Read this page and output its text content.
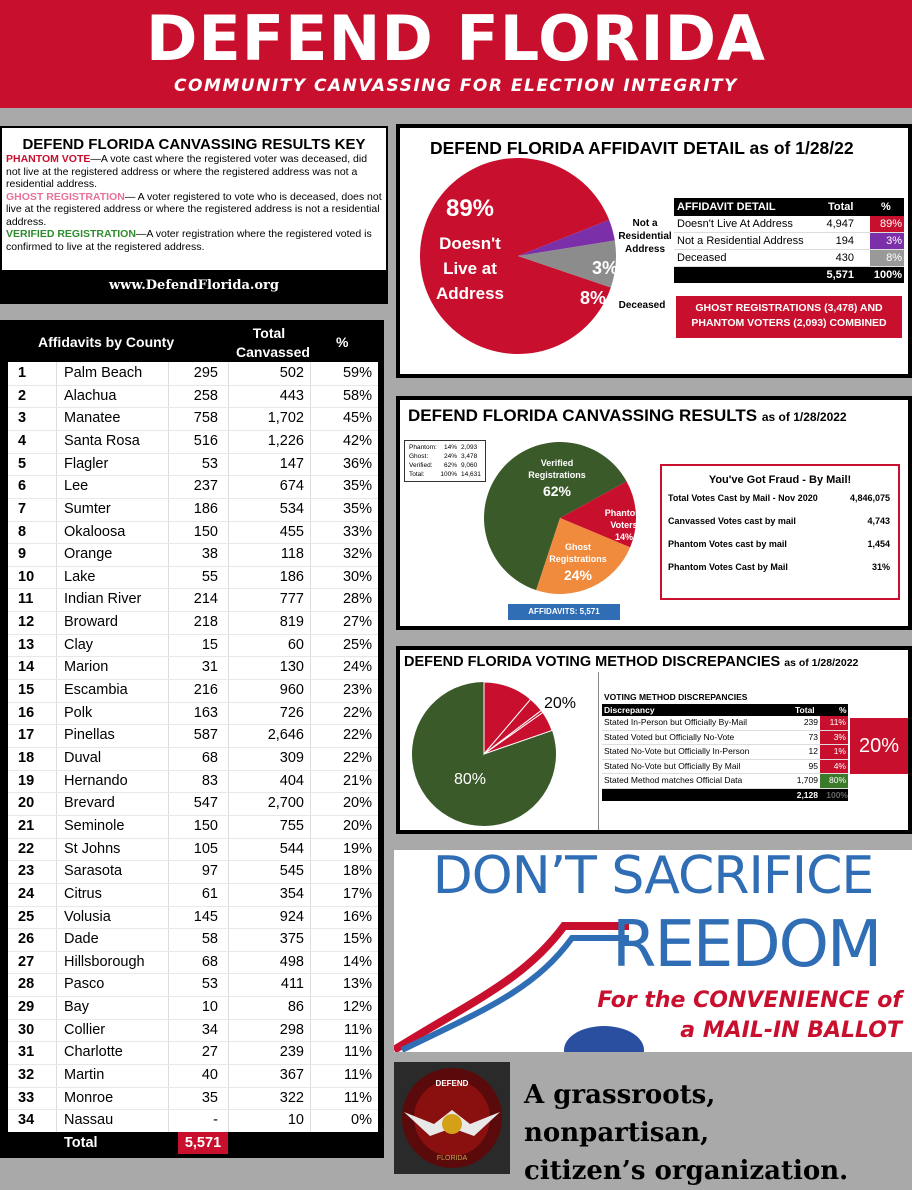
DEFEND FLORIDA
COMMUNITY CANVASSING FOR ELECTION INTEGRITY
DEFEND FLORIDA CANVASSING RESULTS KEY

PHANTOM VOTE—A vote cast where the registered voter was deceased, did not live at the registered address or where the registered address was not a residential address.

GHOST REGISTRATION— A voter registered to vote who is deceased, does not live at the registered address or where the registered address is not a residential address.

VERIFIED REGISTRATION—A voter registration where the registered voted is confirmed to live at the registered address.

www.DefendFlorida.org
Affidavits by County
Total
Canvassed
%
Total	5,571
1	Palm Beach	295	502	59%
2	Alachua	258	443	58%
3	Manatee	758	1,702	45%
4	Santa Rosa	516	1,226	42%
5	Flagler	53	147	36%
6	Lee	237	674	35%
7	Sumter	186	534	35%
8	Okaloosa	150	455	33%
9	Orange	38	118	32%
10 Lake	55	186	30%
11 Indian River	214	777	28%
12 Broward	218	819	27%
13 Clay	15	60	25%
14 Marion	31	130	24%
15 Escambia	216	960	23%
16 Polk	163	726	22%
17 Pinellas	587	2,646	22%
18 Duval	68	309	22%
19 Hernando	83	404	21%
20 Brevard	547	2,700	20%
21 Seminole	150	755	20%
22 St Johns	105	544	19%
23 Sarasota	97	545	18%
24 Citrus	61	354	17%
25 Volusia	145	924	16%
26 Dade	58	375	15%
27 Hillsborough	68	498	14%
28 Pasco	53	411	13%
29 Bay	10	86	12%
30 Collier	34	298	11%
31 Charlotte	27	239	11%
32 Martin	40	367	11%
33 Monroe	35	322	11%
34 Nassau	-	10	0%
DEFEND FLORIDA AFFIDAVIT DETAIL as of 1/28/22
89%
Doesn't
Live at
Address
3%
8%
Not a
Residential
Address
Deceased
AFFIDAVIT DETAIL	Total	%
Doesn't Live At Address	4,947	89%
Not a Residential Address	194	3%
Deceased	430	8%
5,571 100%
GHOST REGISTRATIONS (3,478) AND PHANTOM VOTERS (2,093) COMBINED
DEFEND FLORIDA CANVASSING RESULTS as of 1/28/2022
Phantom: 14% 2,093
Ghost: 24% 3,478
Verified: 62% 9,060
Total: 100% 14,631
Verified
Registrations
62%
Phantom
Voters
14%
Ghost
Registrations
24%
AFFIDAVITS: 5,571
You've Got Fraud - By Mail!
Total Votes Cast by Mail - Nov 2020	4,846,075
Canvassed Votes cast by mail	4,743
Phantom Votes cast by mail	1,454
Phantom Votes Cast by Mail	31%
DEFEND FLORIDA VOTING METHOD DISCREPANCIES as of 1/28/2022
80%
20%	VOTING METHOD DISCREPANCIES
Discrepancy	Total	%
Stated In-Person but Officially By-Mail	239	11%
Stated Voted but Officially No-Vote	73	3%
Stated No-Vote but Officially In-Person	12	1%
Stated No-Vote but Officially By Mail	95	4%
Stated Method matches Official Data	1,709	80%
2,128 100%
20%
DON’T SACRIFICE
REEDOM
For the CONVENIENCE of
a MAIL-IN BALLOT
DEFEND
FLORIDA
A grassroots, nonpartisan,
citizen’s organization.
